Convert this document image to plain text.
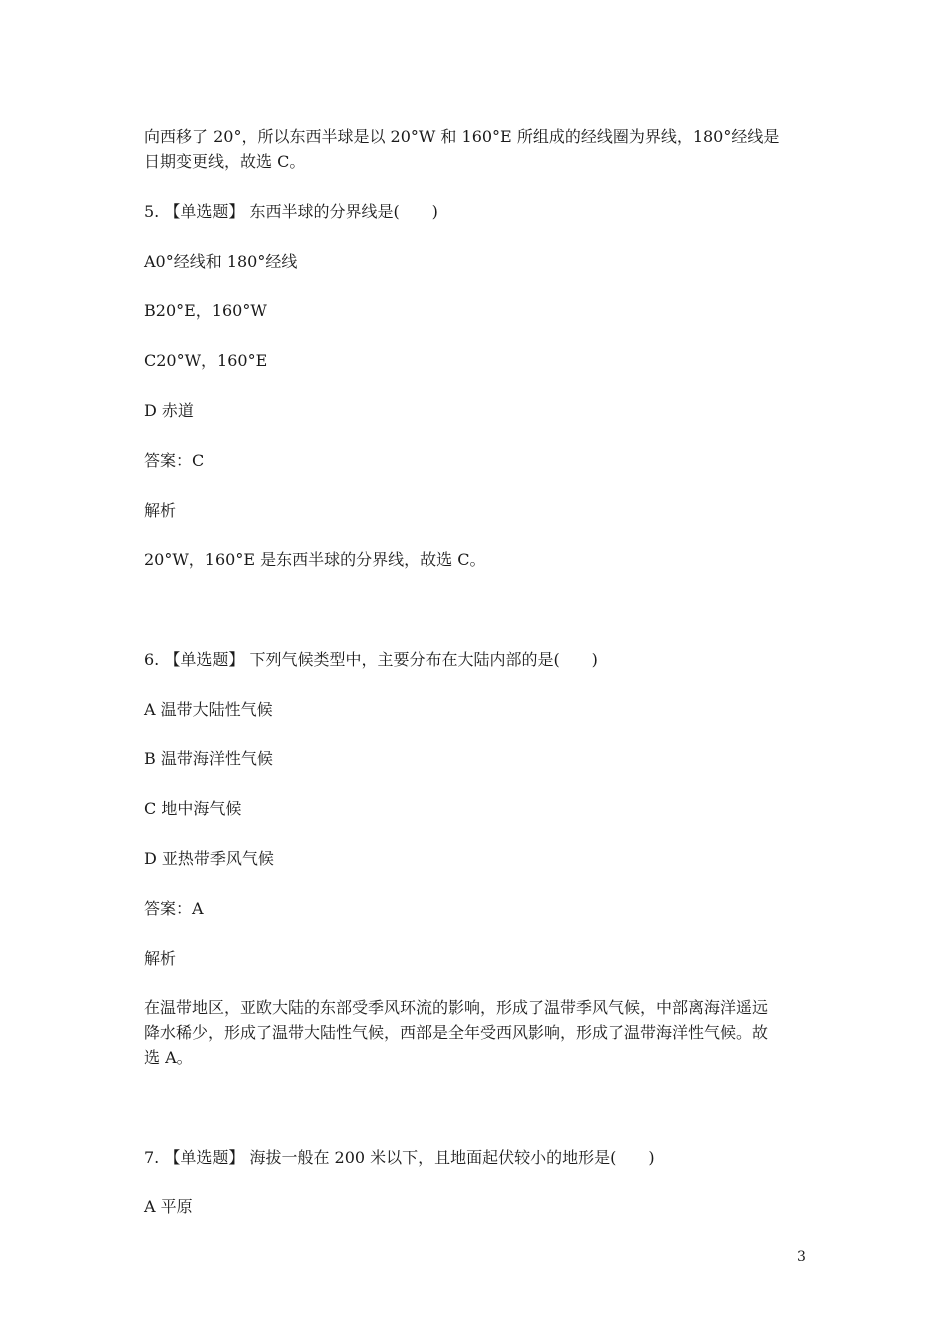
向西移了 20°，所以东西半球是以 20°W 和 160°E 所组成的经线圈为界线，180°经线是
日期变更线，故选 C。
5. 【单选题】 东西半球的分界线是(　　)
A0°经线和 180°经线
B20°E，160°W
C20°W，160°E
D 赤道
答案：C
解析
20°W，160°E 是东西半球的分界线，故选 C。
6. 【单选题】 下列气候类型中，主要分布在大陆内部的是(　　)
A 温带大陆性气候
B 温带海洋性气候
C 地中海气候
D 亚热带季风气候
答案：A
解析
在温带地区，亚欧大陆的东部受季风环流的影响，形成了温带季风气候，中部离海洋遥远
降水稀少，形成了温带大陆性气候，西部是全年受西风影响，形成了温带海洋性气候。故
选 A。
7. 【单选题】 海拔一般在 200 米以下，且地面起伏较小的地形是(　　)
A 平原
3
